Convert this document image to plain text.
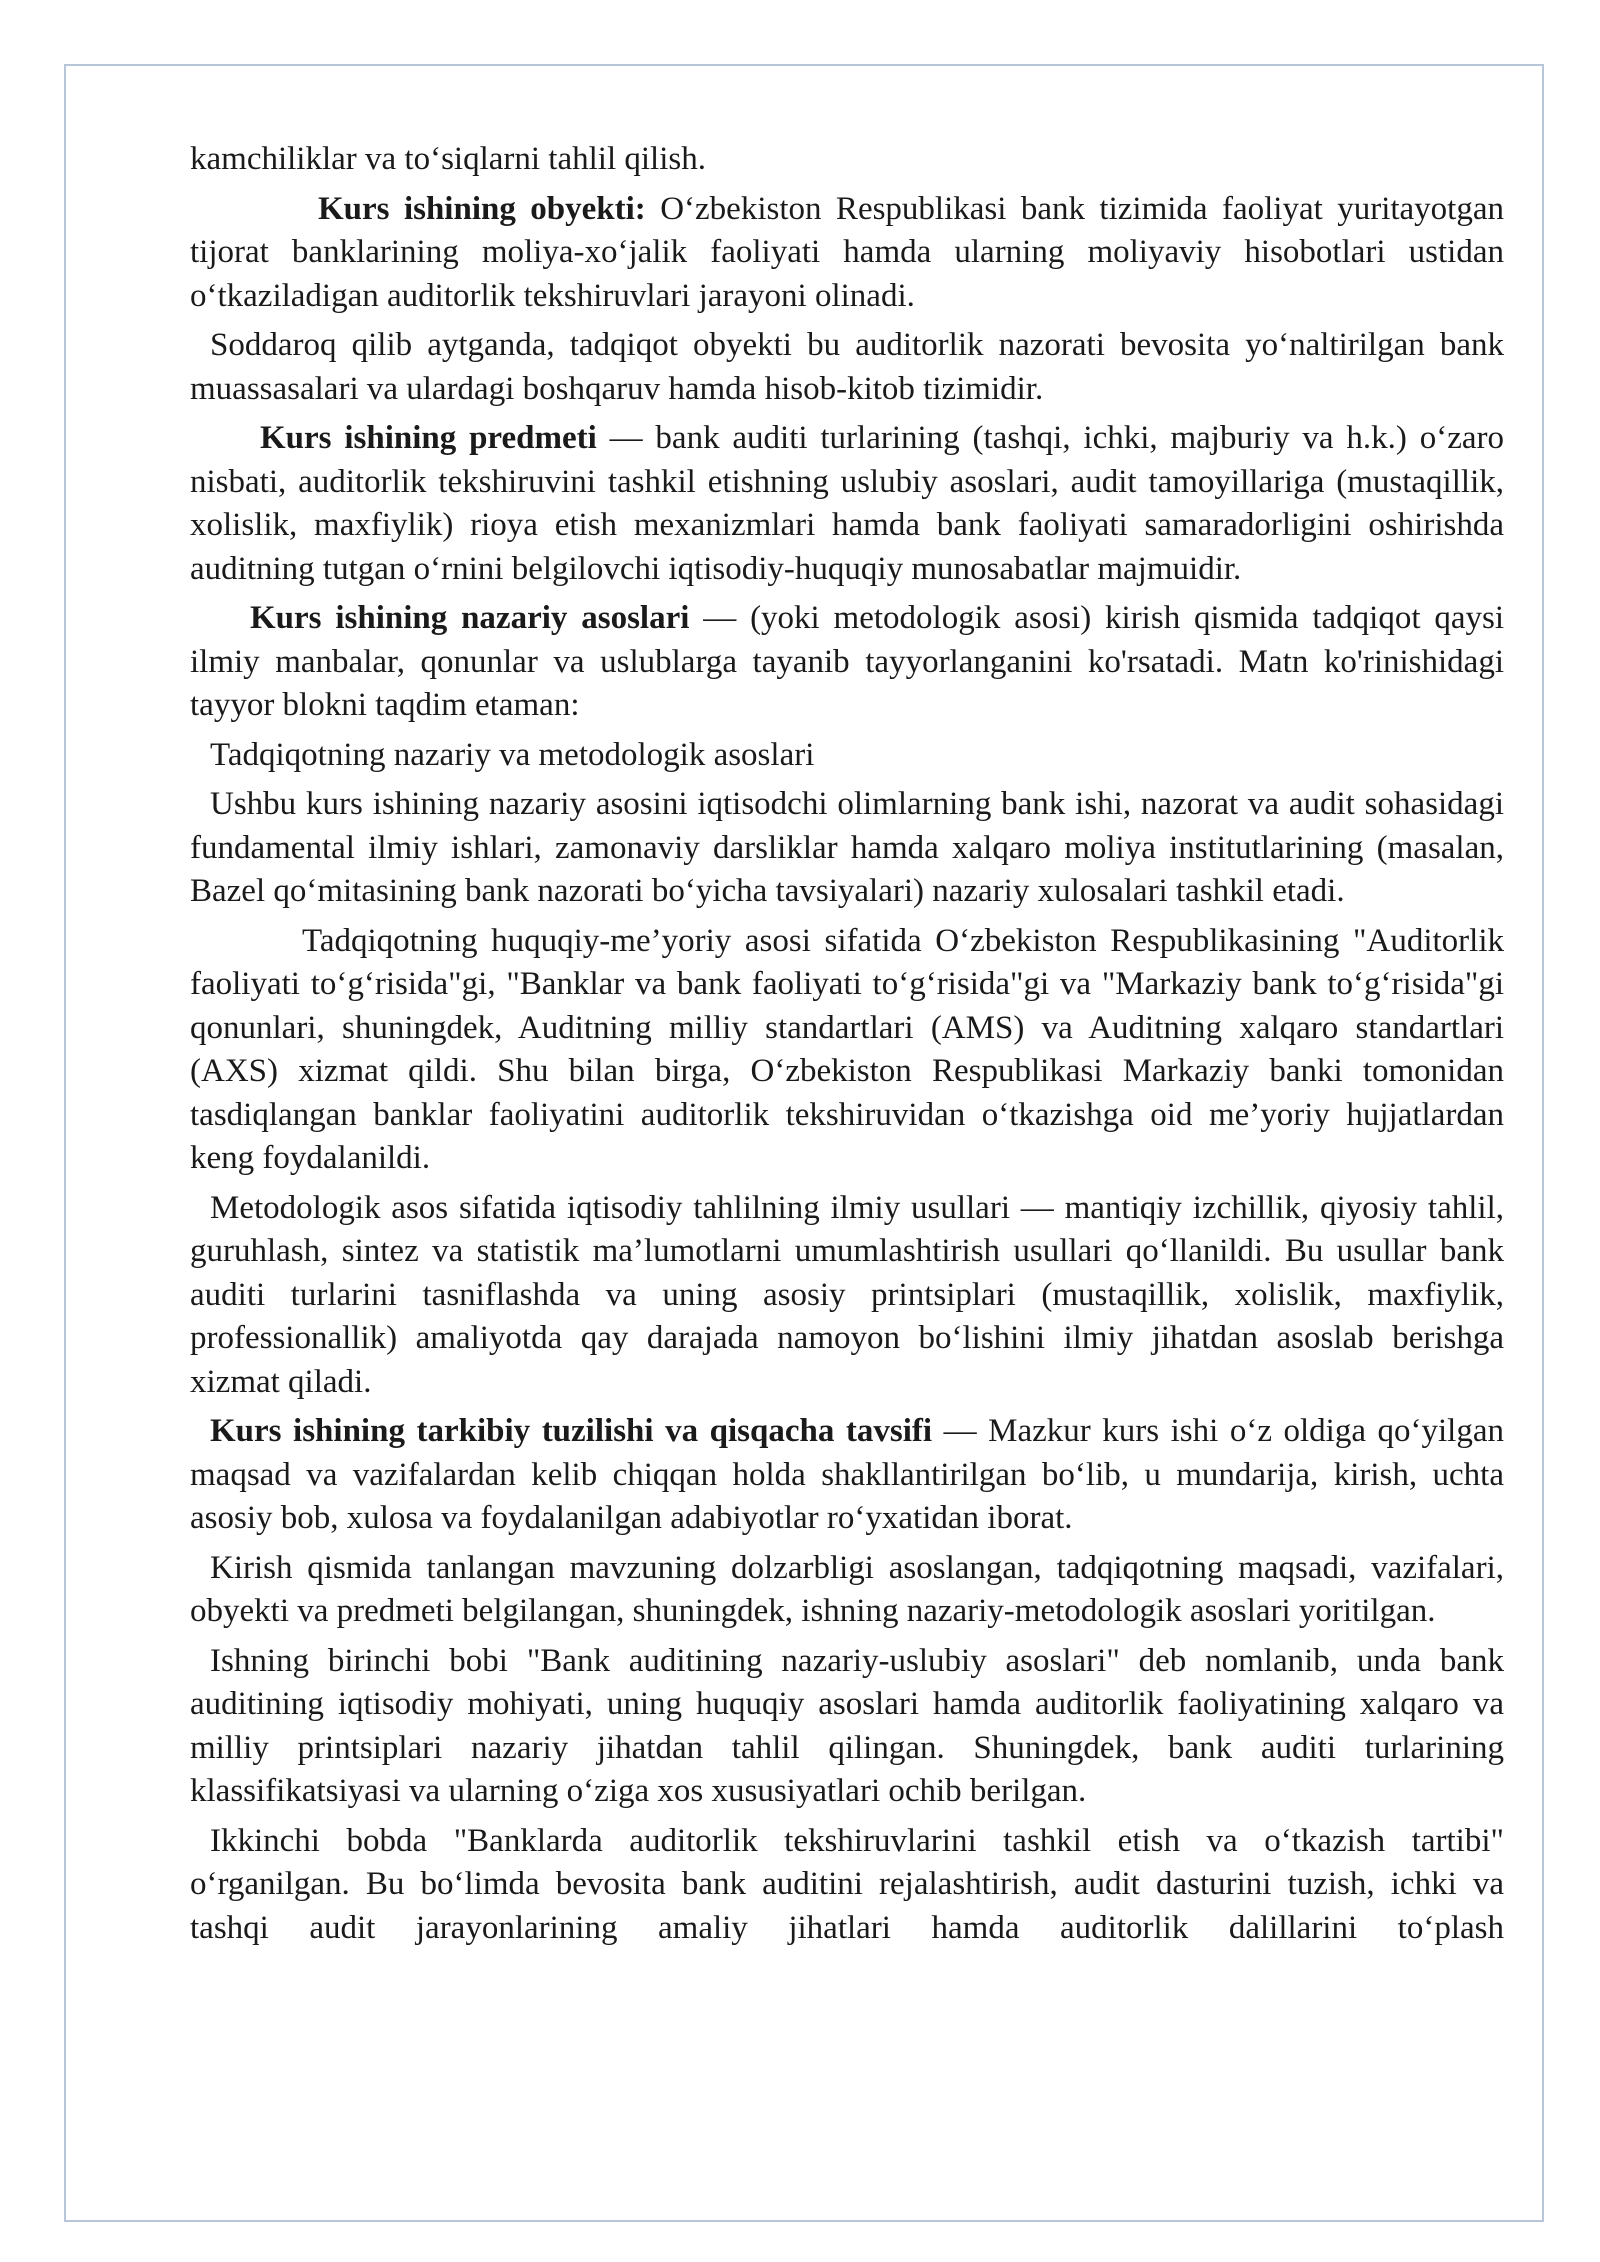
kamchiliklar va to‘siqlarni tahlil qilish.

Kurs ishining obyekti: O‘zbekiston Respublikasi bank tizimida faoliyat yuritayotgan tijorat banklarining moliya-xo‘jalik faoliyati hamda ularning moliyaviy hisobotlari ustidan o‘tkaziladigan auditorlik tekshiruvlari jarayoni olinadi.

Soddaroq qilib aytganda, tadqiqot obyekti bu auditorlik nazorati bevosita yo‘naltirilgan bank muassasalari va ulardagi boshqaruv hamda hisob-kitob tizimidir.

Kurs ishining predmeti — bank auditi turlarining (tashqi, ichki, majburiy va h.k.) o‘zaro nisbati, auditorlik tekshiruvini tashkil etishning uslubiy asoslari, audit tamoyillariga (mustaqillik, xolislik, maxfiylik) rioya etish mexanizmlari hamda bank faoliyati samaradorligini oshirishda auditning tutgan o‘rnini belgilovchi iqtisodiy-huquqiy munosabatlar majmuidir.

Kurs ishining nazariy asoslari — (yoki metodologik asosi) kirish qismida tadqiqot qaysi ilmiy manbalar, qonunlar va uslublarga tayanib tayyorlanganini ko'rsatadi. Matn ko'rinishidagi tayyor blokni taqdim etaman:

Tadqiqotning nazariy va metodologik asoslari

Ushbu kurs ishining nazariy asosini iqtisodchi olimlarning bank ishi, nazorat va audit sohasidagi fundamental ilmiy ishlari, zamonaviy darsliklar hamda xalqaro moliya institutlarining (masalan, Bazel qo‘mitasining bank nazorati bo‘yicha tavsiyalari) nazariy xulosalari tashkil etadi.

Tadqiqotning huquqiy-me’yoriy asosi sifatida O‘zbekiston Respublikasining "Auditorlik faoliyati to‘g‘risida"gi, "Banklar va bank faoliyati to‘g‘risida"gi va "Markaziy bank to‘g‘risida"gi qonunlari, shuningdek, Auditning milliy standartlari (AMS) va Auditning xalqaro standartlari (AXS) xizmat qildi. Shu bilan birga, O‘zbekiston Respublikasi Markaziy banki tomonidan tasdiqlangan banklar faoliyatini auditorlik tekshiruvidan o‘tkazishga oid me’yoriy hujjatlardan keng foydalanildi.

Metodologik asos sifatida iqtisodiy tahlilning ilmiy usullari — mantiqiy izchillik, qiyosiy tahlil, guruhlash, sintez va statistik ma’lumotlarni umumlashtirish usullari qo‘llanildi. Bu usullar bank auditi turlarini tasniflashda va uning asosiy printsiplari (mustaqillik, xolislik, maxfiylik, professionallik) amaliyotda qay darajada namoyon bo‘lishini ilmiy jihatdan asoslab berishga xizmat qiladi.

Kurs ishining tarkibiy tuzilishi va qisqacha tavsifi — Mazkur kurs ishi o‘z oldiga qo‘yilgan maqsad va vazifalardan kelib chiqqan holda shakllantirilgan bo‘lib, u mundarija, kirish, uchta asosiy bob, xulosa va foydalanilgan adabiyotlar ro‘yxatidan iborat.

Kirish qismida tanlangan mavzuning dolzarbligi asoslangan, tadqiqotning maqsadi, vazifalari, obyekti va predmeti belgilangan, shuningdek, ishning nazariy-metodologik asoslari yoritilgan.

Ishning birinchi bobi "Bank auditining nazariy-uslubiy asoslari" deb nomlanib, unda bank auditining iqtisodiy mohiyati, uning huquqiy asoslari hamda auditorlik faoliyatining xalqaro va milliy printsiplari nazariy jihatdan tahlil qilingan. Shuningdek, bank auditi turlarining klassifikatsiyasi va ularning o‘ziga xos xususiyatlari ochib berilgan.

Ikkinchi bobda "Banklarda auditorlik tekshiruvlarini tashkil etish va o‘tkazish tartibi" o‘rganilgan. Bu bo‘limda bevosita bank auditini rejalashtirish, audit dasturini tuzish, ichki va tashqi audit jarayonlarining amaliy jihatlari hamda auditorlik dalillarini to‘plash
